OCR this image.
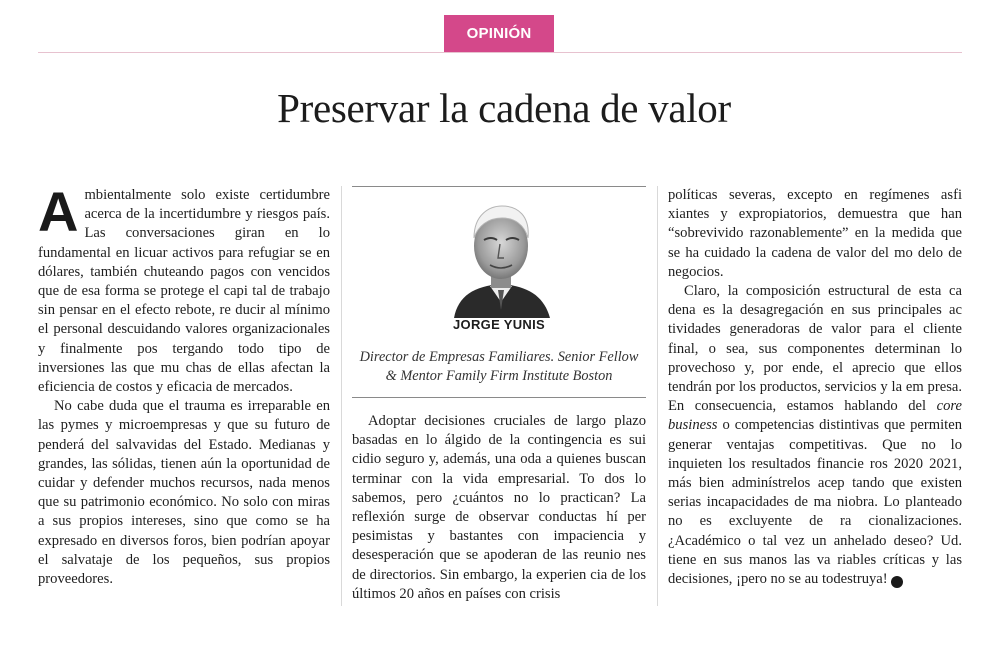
OPINIÓN
Preservar la cadena de valor

Ambientalmente solo existe certidumbre acerca de la incertidumbre y riesgos país. Las conversaciones giran en lo fundamental en licuar activos para refugiar se en dólares, también chuteando pagos con vencidos que de esa forma se protege el capi tal de trabajo sin pensar en el efecto rebote, re ducir al mínimo el personal descuidando valores organizacionales y finalmente pos tergando todo tipo de inversiones las que mu chas de ellas afectan la eficiencia de costos y eficacia de mercados.

No cabe duda que el trauma es irreparable en las pymes y microempresas y que su futuro de penderá del salvavidas del Estado. Medianas y grandes, las sólidas, tienen aún la oportunidad de cuidar y defender muchos recursos, nada menos que su patrimonio económico. No solo con miras a sus propios intereses, sino que como se ha expresado en diversos foros, bien podrían apoyar el salvataje de los pequeños, sus propios proveedores.

JORGE YUNIS
Director de Empresas Familiares. Senior Fellow
& Mentor Family Firm Institute Boston

Adoptar decisiones cruciales de largo plazo basadas en lo álgido de la contingencia es sui cidio seguro y, además, una oda a quienes buscan terminar con la vida empresarial. To dos lo sabemos, pero ¿cuántos no lo practican? La reflexión surge de observar conductas hí per pesimistas y bastantes con impaciencia y desesperación que se apoderan de las reunio nes de directorios. Sin embargo, la experien cia de los últimos 20 años en países con crisis

políticas severas, excepto en regímenes asfi xiantes y expropiatorios, demuestra que han “sobrevivido razonablemente” en la medida que se ha cuidado la cadena de valor del mo delo de negocios.

Claro, la composición estructural de esta ca dena es la desagregación en sus principales ac tividades generadoras de valor para el cliente final, o sea, sus componentes determinan lo provechoso y, por ende, el aprecio que ellos tendrán por los productos, servicios y la em presa. En consecuencia, estamos hablando del core business o competencias distintivas que permiten generar ventajas competitivas. Que no lo inquieten los resultados financie ros 2020 2021, más bien adminístrelos acep tando que existen serias incapacidades de ma niobra. Lo planteado no es excluyente de ra cionalizaciones. ¿Académico o tal vez un anhelado deseo? Ud. tiene en sus manos las va riables críticas y las decisiones, ¡pero no se au todestruya! P
